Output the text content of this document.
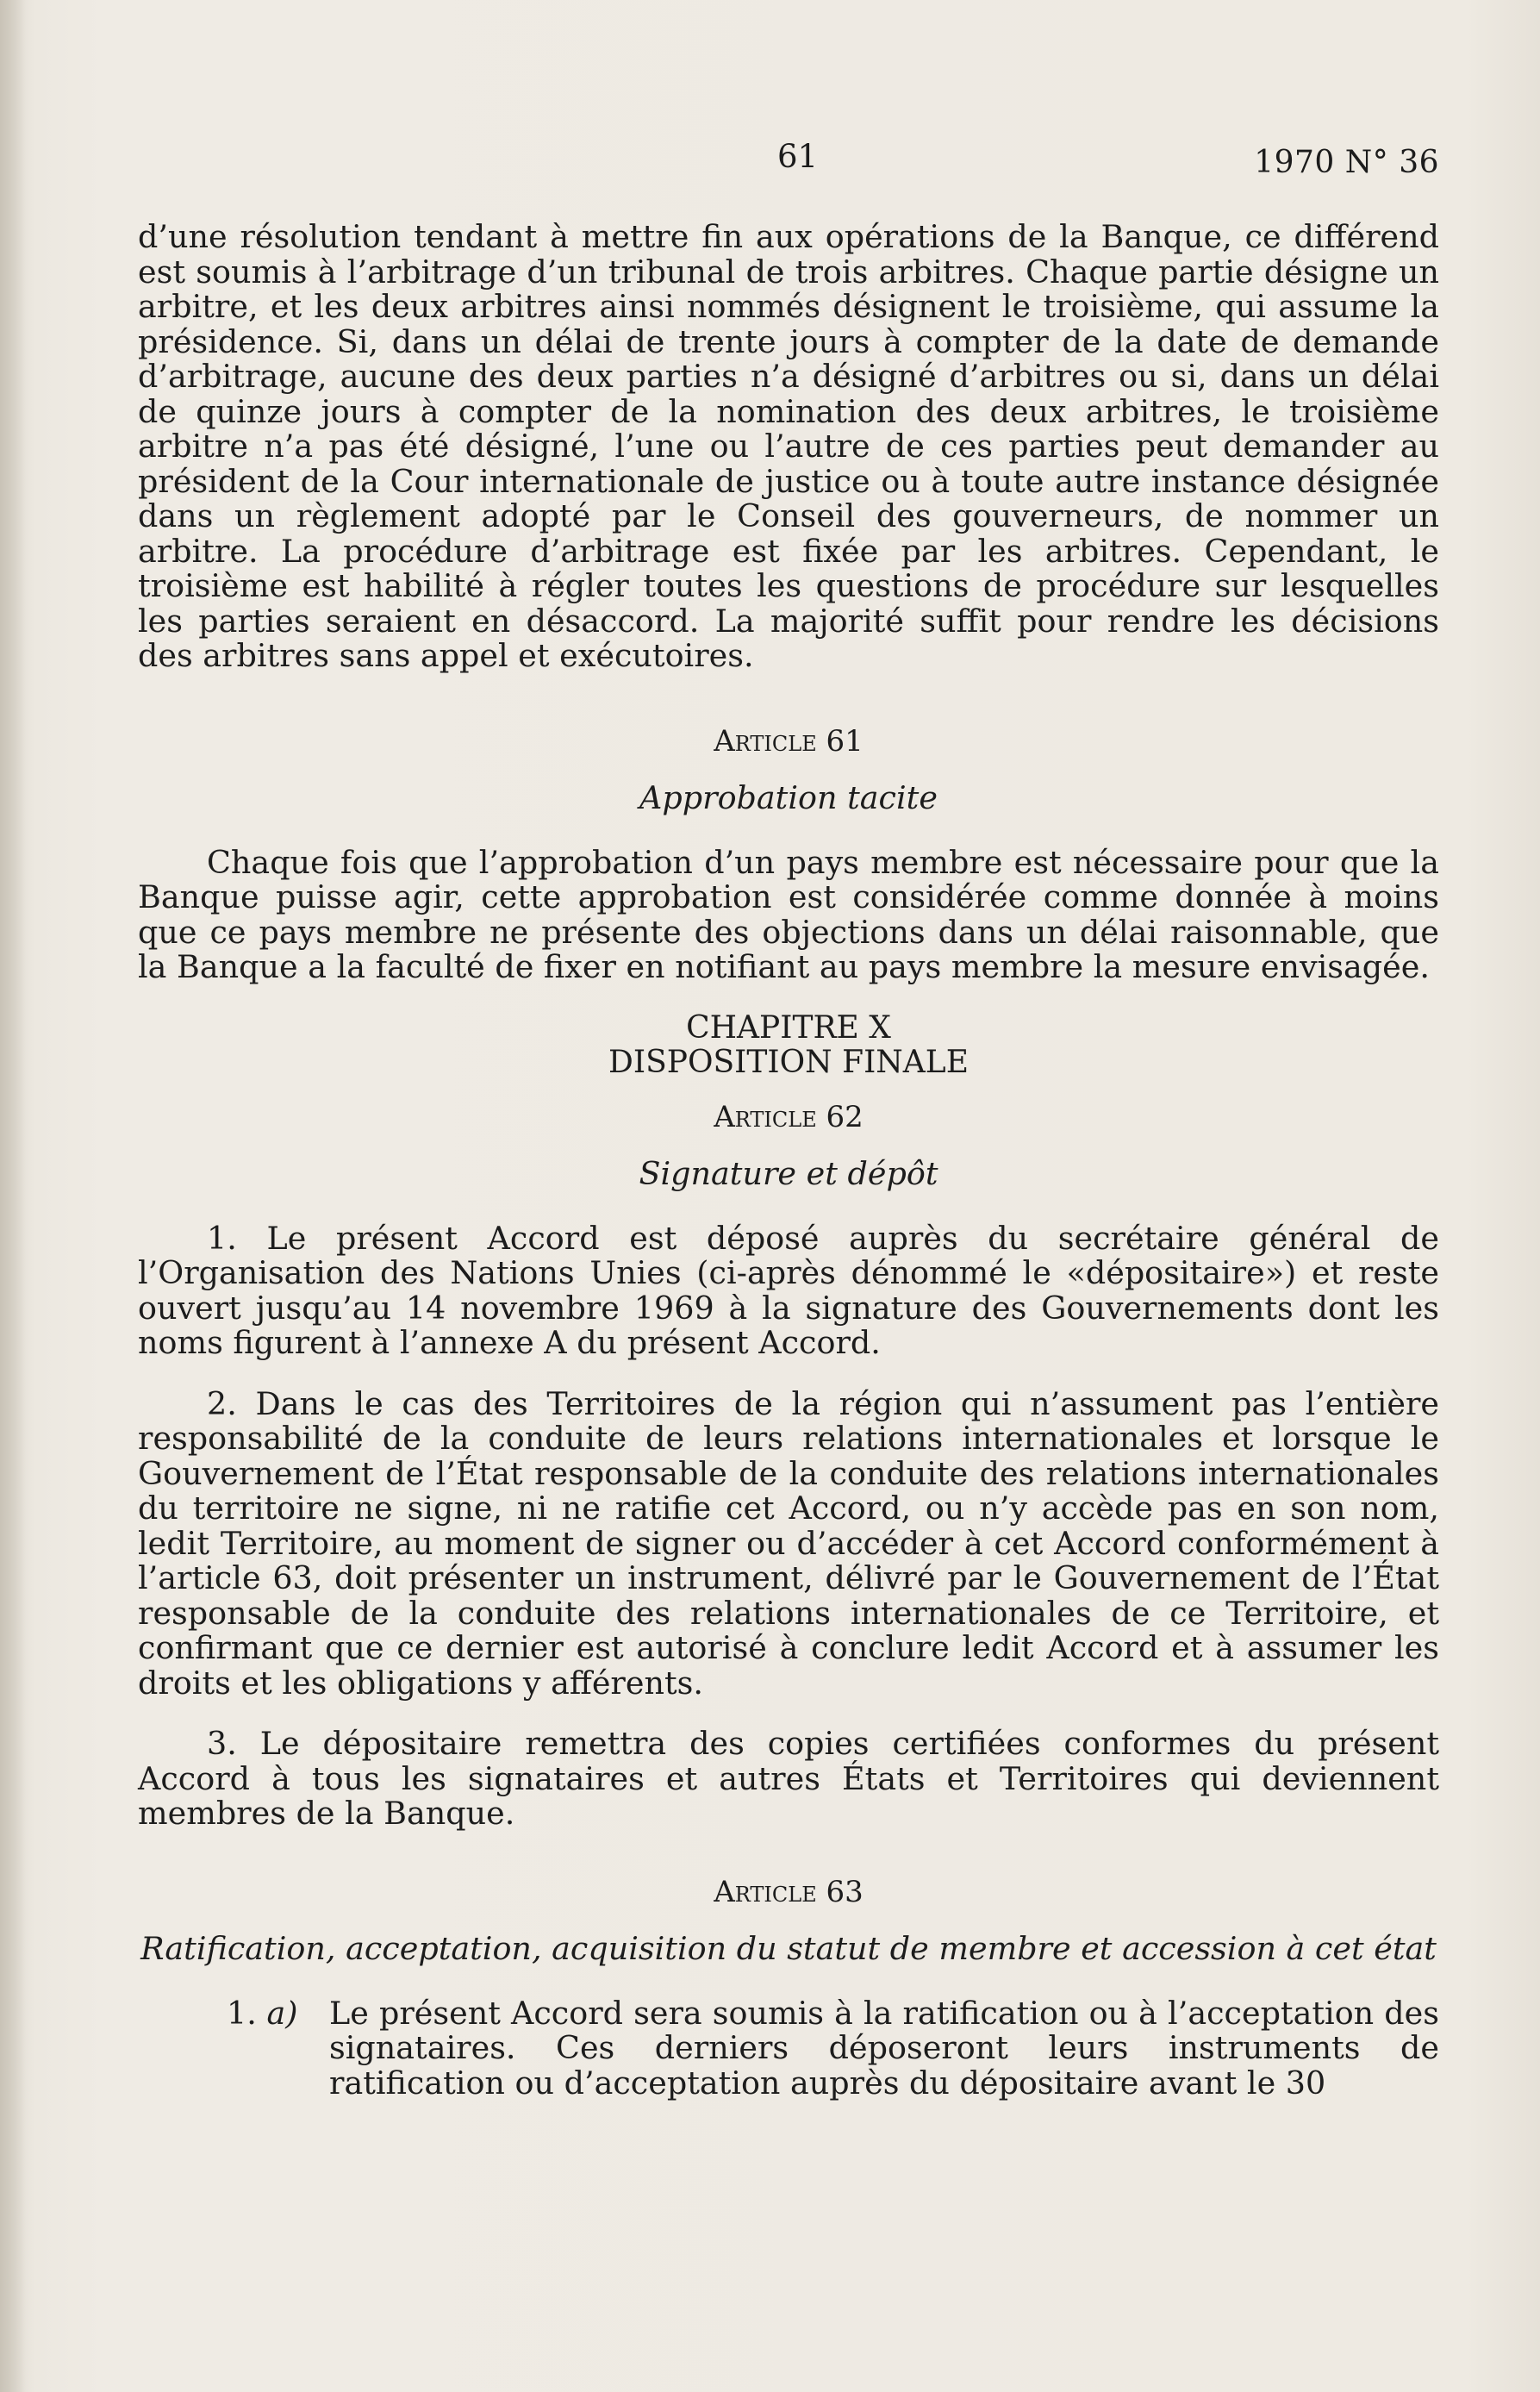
61	1970 N° 36

d’une résolution tendant à mettre fin aux opérations de la Banque, ce différend est soumis à l’arbitrage d’un tribunal de trois arbitres. Chaque partie désigne un arbitre, et les deux arbitres ainsi nommés désignent le troisième, qui assume la présidence. Si, dans un délai de trente jours à compter de la date de demande d’arbitrage, aucune des deux parties n’a désigné d’arbitres ou si, dans un délai de quinze jours à compter de la nomination des deux arbitres, le troisième arbitre n’a pas été désigné, l’une ou l’autre de ces parties peut demander au président de la Cour internationale de justice ou à toute autre instance désignée dans un règlement adopté par le Conseil des gouverneurs, de nommer un arbitre. La procédure d’arbitrage est fixée par les arbitres. Cependant, le troisième est habilité à régler toutes les questions de procédure sur lesquelles les parties seraient en désaccord. La majorité suffit pour rendre les décisions des arbitres sans appel et exécutoires.

Article 61

Approbation tacite

Chaque fois que l’approbation d’un pays membre est nécessaire pour que la Banque puisse agir, cette approbation est considérée comme donnée à moins que ce pays membre ne présente des objections dans un délai raisonnable, que la Banque a la faculté de fixer en notifiant au pays membre la mesure envisagée.

CHAPITRE X

DISPOSITION FINALE

Article 62

Signature et dépôt

1. Le présent Accord est déposé auprès du secrétaire général de l’Organisation des Nations Unies (ci-après dénommé le «dépositaire») et reste ouvert jusqu’au 14 novembre 1969 à la signature des Gouvernements dont les noms figurent à l’annexe A du présent Accord.

2. Dans le cas des Territoires de la région qui n’assument pas l’entière responsabilité de la conduite de leurs relations internationales et lorsque le Gouvernement de l’État responsable de la conduite des relations internationales du territoire ne signe, ni ne ratifie cet Accord, ou n’y accède pas en son nom, ledit Territoire, au moment de signer ou d’accéder à cet Accord conformément à l’article 63, doit présenter un instrument, délivré par le Gouvernement de l’État responsable de la conduite des relations internationales de ce Territoire, et confirmant que ce dernier est autorisé à conclure ledit Accord et à assumer les droits et les obligations y afférents.

3. Le dépositaire remettra des copies certifiées conformes du présent Accord à tous les signataires et autres États et Territoires qui deviennent membres de la Banque.

Article 63

Ratification, acceptation, acquisition du statut de membre et accession à cet état

1. a) Le présent Accord sera soumis à la ratification ou à l’acceptation des signataires. Ces derniers déposeront leurs instruments de ratification ou d’acceptation auprès du dépositaire avant le 30
